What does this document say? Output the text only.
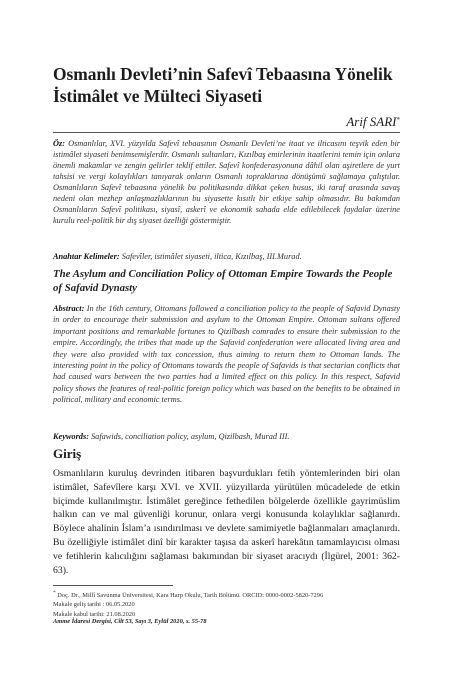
Osmanlı Devleti’nin Safevî Tebaasına Yönelik İstimâlet ve Mülteci Siyaseti

Arif SARI*

Öz: Osmanlılar, XVI. yüzyılda Safevî tebaasının Osmanlı Devleti’ne itaat ve ilticasını teşvik eden bir istimâlet siyaseti benimsemişlerdir. Osmanlı sultanları, Kızılbaş emirlerinin itaatlerini temin için onlara önemli makamlar ve zengin gelirler teklif ettiler. Safevî konfederasyonuna dâhil olan aşiretlere de yurt tahsisi ve vergi kolaylıkları tanıyarak onların Osmanlı topraklarına dönüşümü sağlamaya çalıştılar. Osmanlıların Safevî tebaasına yönelik bu politikasında dikkat çeken husus, iki taraf arasında savaş nedeni olan mezhep anlaşmazlıklarının bu siyasette kısıtlı bir etkiye sahip olmasıdır. Bu bakımdan Osmanlıların Safevî politikası, siyasî, askerî ve ekonomik sahada elde edilebilecek faydalar üzerine kurulu reel-politik bir dış siyaset özelliği göstermiştir.

Anahtar Kelimeler: Safevîler, istimâlet siyaseti, iltica, Kızılbaş, III.Murad.

The Asylum and Conciliation Policy of Ottoman Empire Towards the People of Safavid Dynasty

Abstract: In the 16th century, Ottomans followed a conciliation policy to the people of Safavid Dynasty in order to encourage their submission and asylum to the Ottoman Empire. Ottoman sultans offered important positions and remarkable fortunes to Qizilbash comrades to ensure their submission to the empire. Accordingly, the tribes that made up the Safavid confederation were allocated living area and they were also provided with tax concession, thus aiming to return them to Ottoman lands. The interesting point in the policy of Ottomans towards the people of Safavids is that sectarian conflicts that had caused wars between the two parties had a limited effect on this policy. In this respect, Safavid policy shows the features of real-politic foreign policy which was based on the benefits to be obtained in political, military and economic terms.

Keywords: Safawids, conciliation policy, asylum, Qizilbash, Murad III.

Giriş

Osmanlıların kuruluş devrinden itibaren başvurdukları fetih yöntemlerinden biri olan istimâlet, Safevîlere karşı XVI. ve XVII. yüzyıllarda yürütülen mücadelede de etkin biçimde kullanılmıştır. İstimâlet gereğince fethedilen bölgelerde özellikle gayrimüslim halkın can ve mal güvenliği korunur, onlara vergi konusunda kolaylıklar sağlanırdı. Böylece ahalinin İslam’a ısındırılması ve devlete samimiyetle bağlanmaları amaçlanırdı. Bu özelliğiyle istimâlet dinî bir karakter taşısa da askerî harekâtın tamamlayıcısı olması ve fetihlerin kalıcılığını sağlaması bakımından bir siyaset aracıydı (İlgürel, 2001: 362-63).

* Doç. Dr., Millî Savunma Üniversitesi, Kara Harp Okulu, Tarih Bölümü. ORCID: 0000-0002-5820-7296

Makale geliş tarihi : 06.05.2020

Makale kabul tarihi: 21.08.2020

Amme İdaresi Dergisi, Cilt 53, Sayı 3, Eylül 2020, s. 55-78
